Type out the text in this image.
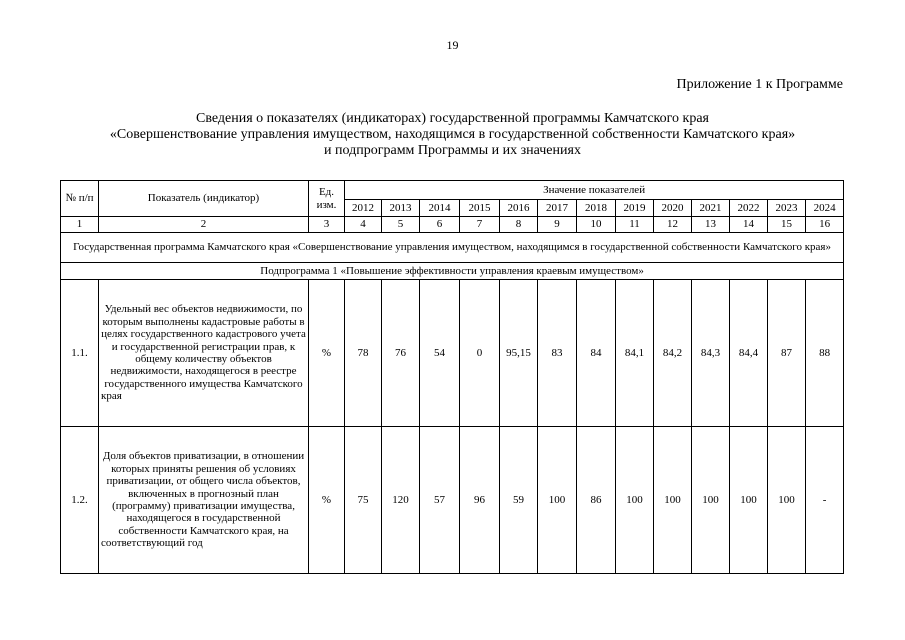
19
Приложение 1 к Программе
Сведения о показателях (индикаторах) государственной программы Камчатского края
«Совершенствование управления имуществом, находящимся в государственной собственности Камчатского края»
и подпрограмм Программы и их значениях
№ п/п	Показатель (индикатор)	Ед. изм.	Значение показателей												
			2012	2013	2014	2015	2016	2017	2018	2019	2020	2021	2022	2023	2024
1	2	3	4	5	6	7	8	9	10	11	12	13	14	15	16
Государственная программа Камчатского края «Совершенствование управления имуществом, находящимся в государственной собственности Камчатского края»															
Подпрограмма 1 «Повышение эффективности управления краевым имуществом»															
1.1.	Удельный вес объектов недвижимости, по которым выполнены кадастровые работы в целях государственного кадастрового учета и государственной регистрации прав, к общему количеству объектов недвижимости, находящегося в реестре государственного имущества Камчатского края	%	78	76	54	0	95,15	83	84	84,1	84,2	84,3	84,4	87	88
1.2.	Доля объектов приватизации, в отношении которых приняты решения об условиях приватизации, от общего числа объектов, включенных в прогнозный план (программу) приватизации имущества, находящегося в государственной собственности Камчатского края, на соответствующий год	%	75	120	57	96	59	100	86	100	100	100	100	100	-
